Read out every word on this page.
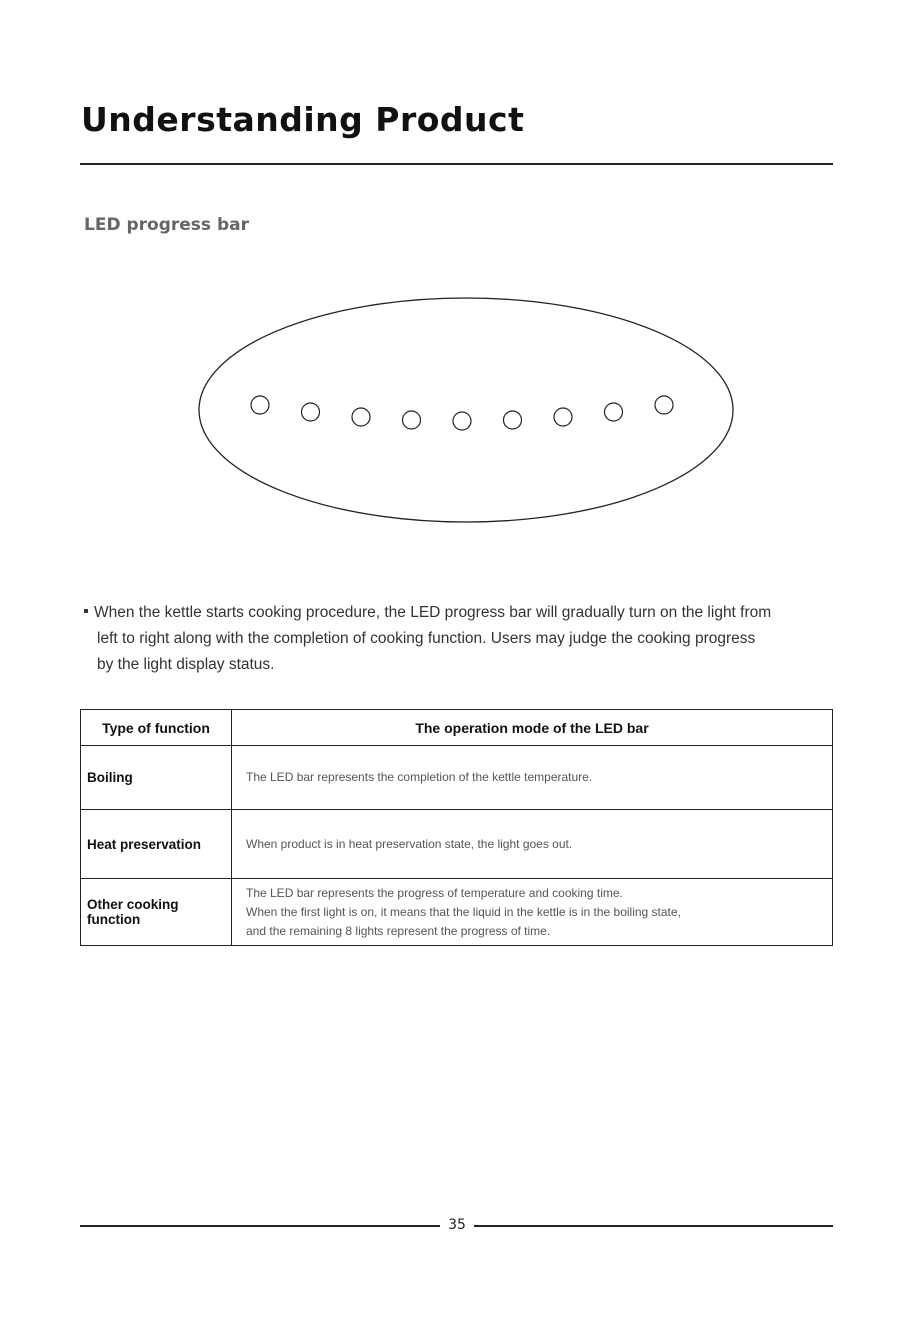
Understanding Product
LED progress bar
When the kettle starts cooking procedure, the LED progress bar will gradually turn on the light from
left to right along with the completion of cooking function. Users may judge the cooking progress
by the light display status.
Type of function	The operation mode of the LED bar
Boiling	The LED bar represents the completion of the kettle temperature.

Heat preservation	When product is in heat preservation state, the light goes out.

Other cooking function	The LED bar represents the progress of temperature and cooking time.
When the first light is on, it means that the liquid in the kettle is in the boiling state,
and the remaining 8 lights represent the progress of time.
35
